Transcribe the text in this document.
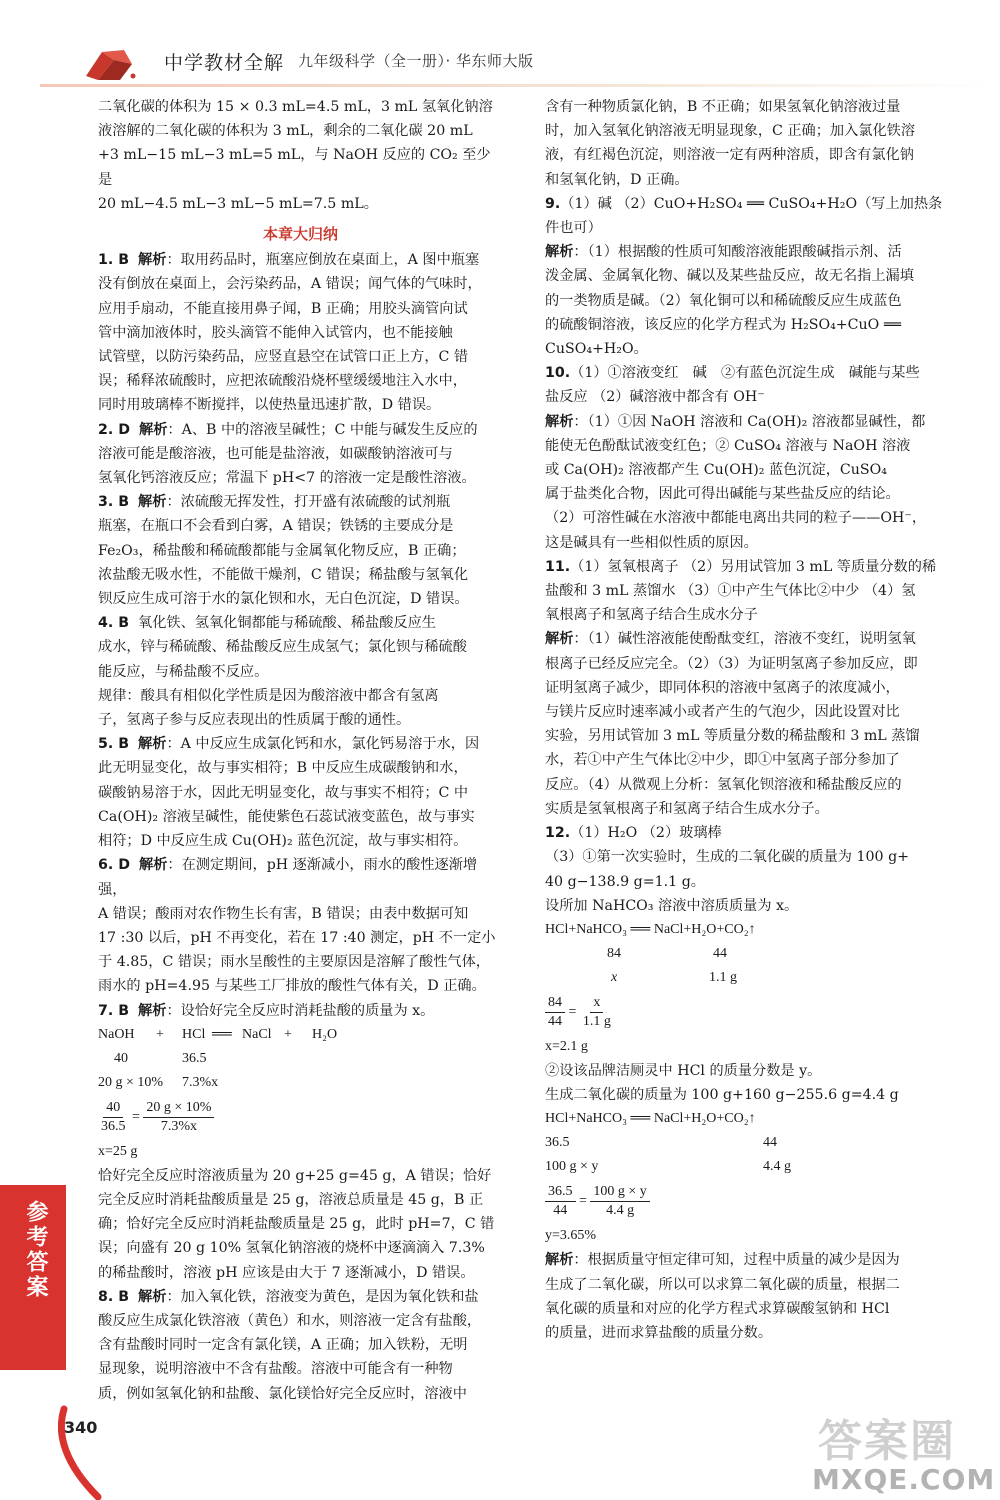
中学教材全解 九年级科学（全一册）· 华东师大版

二氧化碳的体积为 15 × 0.3 mL=4.5 mL，3 mL 氢氧化钠溶

液溶解的二氧化碳的体积为 3 mL，剩余的二氧化碳 20 mL

+3 mL−15 mL−3 mL=5 mL，与 NaOH 反应的 CO₂ 至少是

20 mL−4.5 mL−3 mL−5 mL=7.5 mL。

本章大归纳

1. B 解析：取用药品时，瓶塞应倒放在桌面上，A 图中瓶塞

没有倒放在桌面上，会污染药品，A 错误；闻气体的气味时，

应用手扇动，不能直接用鼻子闻，B 正确；用胶头滴管向试

管中滴加液体时，胶头滴管不能伸入试管内，也不能接触

试管壁，以防污染药品，应竖直悬空在试管口正上方，C 错

误；稀释浓硫酸时，应把浓硫酸沿烧杯壁缓缓地注入水中，

同时用玻璃棒不断搅拌，以使热量迅速扩散，D 错误。

2. D 解析：A、B 中的溶液呈碱性；C 中能与碱发生反应的

溶液可能是酸溶液，也可能是盐溶液，如碳酸钠溶液可与

氢氧化钙溶液反应；常温下 pH<7 的溶液一定是酸性溶液。

3. B 解析：浓硫酸无挥发性，打开盛有浓硫酸的试剂瓶

瓶塞，在瓶口不会看到白雾，A 错误；铁锈的主要成分是

Fe₂O₃，稀盐酸和稀硫酸都能与金属氧化物反应，B 正确；

浓盐酸无吸水性，不能做干燥剂，C 错误；稀盐酸与氢氧化

钡反应生成可溶于水的氯化钡和水，无白色沉淀，D 错误。

4. B 氧化铁、氢氧化铜都能与稀硫酸、稀盐酸反应生

成水，锌与稀硫酸、稀盐酸反应生成氢气；氯化钡与稀硫酸

能反应，与稀盐酸不反应。

规律：酸具有相似化学性质是因为酸溶液中都含有氢离

子，氢离子参与反应表现出的性质属于酸的通性。

5. B 解析：A 中反应生成氯化钙和水，氯化钙易溶于水，因

此无明显变化，故与事实相符；B 中反应生成碳酸钠和水，

碳酸钠易溶于水，因此无明显变化，故与事实不相符；C 中

Ca(OH)₂ 溶液呈碱性，能使紫色石蕊试液变蓝色，故与事实

相符；D 中反应生成 Cu(OH)₂ 蓝色沉淀，故与事实相符。

6. D 解析：在测定期间，pH 逐渐减小，雨水的酸性逐渐增强，

A 错误；酸雨对农作物生长有害，B 错误；由表中数据可知

17 :30 以后，pH 不再变化，若在 17 :40 测定，pH 不一定小

于 4.85，C 错误；雨水呈酸性的主要原因是溶解了酸性气体，

雨水的 pH=4.95 与某些工厂排放的酸性气体有关，D 正确。

7. B 解析：设恰好完全反应时消耗盐酸的质量为 x。

NaOH + HCl ══ NaCl + H₂O
40	36.5
20 g × 10% 7.3%x
$\frac{40}{36.5} = \frac{20 g \times 10\%}{7.3\%x}$

x=25 g

恰好完全反应时溶液质量为 20 g+25 g=45 g，A 错误；恰好

完全反应时消耗盐酸质量是 25 g，溶液总质量是 45 g，B 正

确；恰好完全反应时消耗盐酸质量是 25 g，此时 pH=7，C 错

误；向盛有 20 g 10% 氢氧化钠溶液的烧杯中逐滴滴入 7.3%

的稀盐酸时，溶液 pH 应该是由大于 7 逐渐减小，D 错误。

8. B 解析：加入氧化铁，溶液变为黄色，是因为氧化铁和盐

酸反应生成氯化铁溶液（黄色）和水，则溶液一定含有盐酸，

含有盐酸时同时一定含有氯化镁，A 正确；加入铁粉，无明

显现象，说明溶液中不含有盐酸。溶液中可能含有一种物

质，例如氢氧化钠和盐酸、氯化镁恰好完全反应时，溶液中

含有一种物质氯化钠，B 不正确；如果氢氧化钠溶液过量

时，加入氢氧化钠溶液无明显现象，C 正确；加入氯化铁溶

液，有红褐色沉淀，则溶液一定有两种溶质，即含有氯化钠

和氢氧化钠，D 正确。

9.（1）碱 （2）CuO+H₂SO₄ ══ CuSO₄+H₂O（写上加热条

件也可）

解析：（1）根据酸的性质可知酸溶液能跟酸碱指示剂、活

泼金属、金属氧化物、碱以及某些盐反应，故无名指上漏填

的一类物质是碱。（2）氧化铜可以和稀硫酸反应生成蓝色

的硫酸铜溶液，该反应的化学方程式为 H₂SO₄+CuO ══

CuSO₄+H₂O。

10.（1）①溶液变红　碱　②有蓝色沉淀生成　碱能与某些

盐反应 （2）碱溶液中都含有 OH⁻

解析：（1）①因 NaOH 溶液和 Ca(OH)₂ 溶液都显碱性，都

能使无色酚酞试液变红色；② CuSO₄ 溶液与 NaOH 溶液

或 Ca(OH)₂ 溶液都产生 Cu(OH)₂ 蓝色沉淀，CuSO₄

属于盐类化合物，因此可得出碱能与某些盐反应的结论。

（2）可溶性碱在水溶液中都能电离出共同的粒子——OH⁻，

这是碱具有一些相似性质的原因。

11.（1）氢氧根离子 （2）另用试管加 3 mL 等质量分数的稀

盐酸和 3 mL 蒸馏水 （3）①中产生气体比②中少 （4）氢

氧根离子和氢离子结合生成水分子

解析：（1）碱性溶液能使酚酞变红，溶液不变红，说明氢氧

根离子已经反应完全。（2）（3）为证明氢离子参加反应，即

证明氢离子减少，即同体积的溶液中氢离子的浓度减小，

与镁片反应时速率减小或者产生的气泡少，因此设置对比

实验，另用试管加 3 mL 等质量分数的稀盐酸和 3 mL 蒸馏

水，若①中产生气体比②中少，即①中氢离子部分参加了

反应。（4）从微观上分析：氢氧化钡溶液和稀盐酸反应的

实质是氢氧根离子和氢离子结合生成水分子。

12.（1）H₂O （2）玻璃棒

（3）①第一次实验时，生成的二氧化碳的质量为 100 g+

40 g−138.9 g=1.1 g。

设所加 NaHCO₃ 溶液中溶质质量为 x。

HCl+NaHCO₃ ══ NaCl+H₂O+CO₂↑

84	44
x	1.1 g
$\frac{84}{44} = \frac{x}{1.1 g}$

x=2.1 g

②设该品牌洁厕灵中 HCl 的质量分数是 y。

生成二氧化碳的质量为 100 g+160 g−255.6 g=4.4 g

HCl+NaHCO₃ ══ NaCl+H₂O+CO₂↑

36.5	44
100 g × y	4.4 g
$\frac{36.5}{44} = \frac{100 g \times y}{4.4 g}$

y=3.65%

解析：根据质量守恒定律可知，过程中质量的减少是因为

生成了二氧化碳，所以可以求算二氧化碳的质量，根据二

氧化碳的质量和对应的化学方程式求算碳酸氢钠和 HCl

的质量，进而求算盐酸的质量分数。

参考答案
340	答案圈
MXQE.COM
